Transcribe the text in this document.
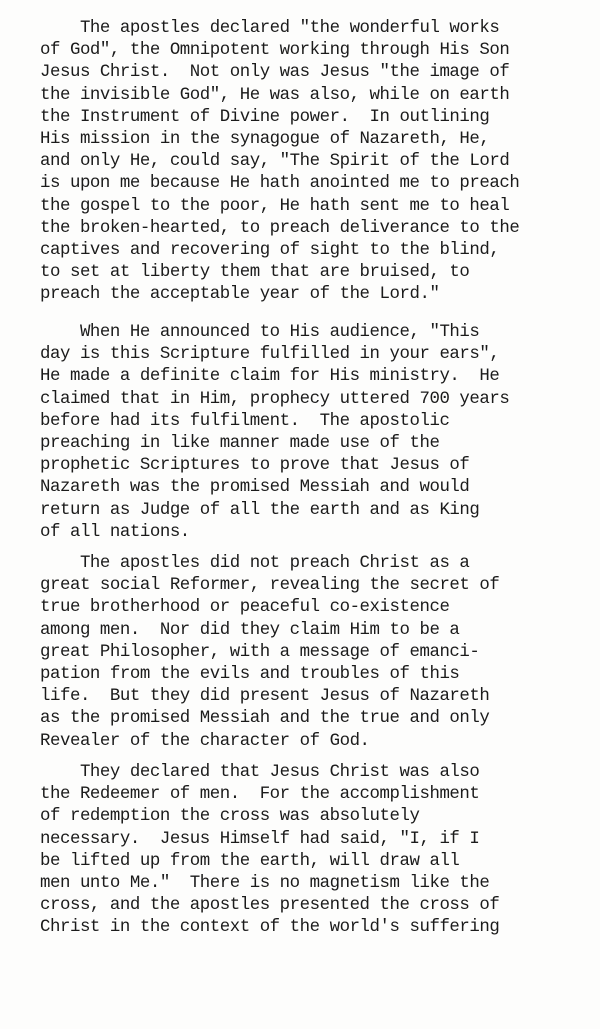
The apostles declared "the wonderful works
of God", the Omnipotent working through His Son
Jesus Christ.  Not only was Jesus "the image of
the invisible God", He was also, while on earth
the Instrument of Divine power.  In outlining
His mission in the synagogue of Nazareth, He,
and only He, could say, "The Spirit of the Lord
is upon me because He hath anointed me to preach
the gospel to the poor, He hath sent me to heal
the broken-hearted, to preach deliverance to the
captives and recovering of sight to the blind,
to set at liberty them that are bruised, to
preach the acceptable year of the Lord."
When He announced to His audience, "This
day is this Scripture fulfilled in your ears",
He made a definite claim for His ministry.  He
claimed that in Him, prophecy uttered 700 years
before had its fulfilment.  The apostolic
preaching in like manner made use of the
prophetic Scriptures to prove that Jesus of
Nazareth was the promised Messiah and would
return as Judge of all the earth and as King
of all nations.
The apostles did not preach Christ as a
great social Reformer, revealing the secret of
true brotherhood or peaceful co-existence
among men.  Nor did they claim Him to be a
great Philosopher, with a message of emanci-
pation from the evils and troubles of this
life.  But they did present Jesus of Nazareth
as the promised Messiah and the true and only
Revealer of the character of God.
They declared that Jesus Christ was also
the Redeemer of men.  For the accomplishment
of redemption the cross was absolutely
necessary.  Jesus Himself had said, "I, if I
be lifted up from the earth, will draw all
men unto Me."  There is no magnetism like the
cross, and the apostles presented the cross of
Christ in the context of the world's suffering
